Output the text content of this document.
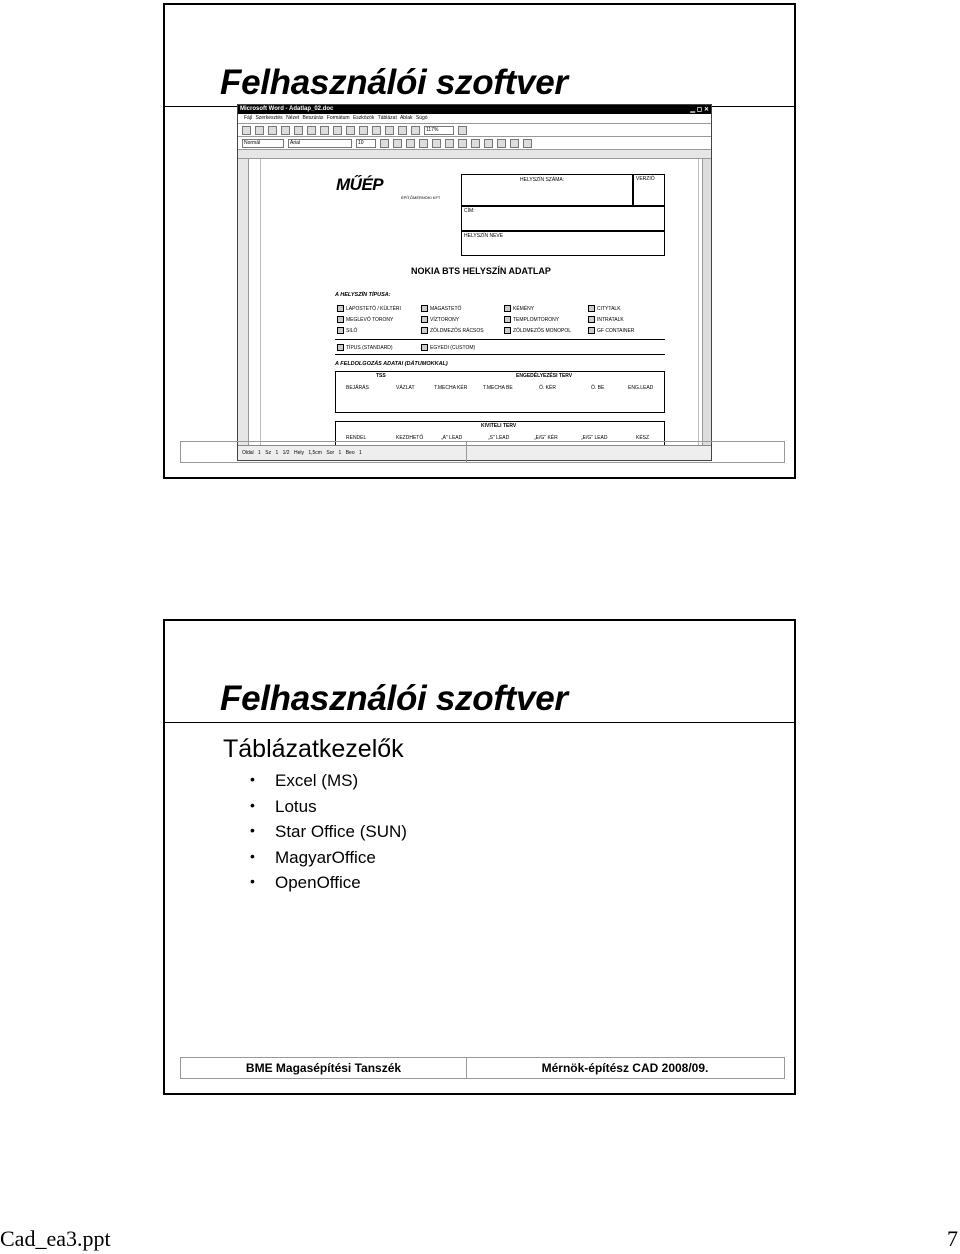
Felhasználói szoftver
Microsoft Word - Adatlap_02.doc	▁ ▢ ✕
Fájl Szerkesztés Nézet Beszúrás Formátum Eszközök Táblázat Ablak Súgó
117%
Normál	Arial	10
MŰÉP
ÉPÍTŐMÉRNÖKI KFT
HELYSZÍN SZÁMA:	VERZIÓ
CÍM:
HELYSZÍN NEVE
NOKIA BTS HELYSZÍN ADATLAP
A HELYSZÍN TÍPUSA:
LAPOSTETŐ / KÜLTÉRI	MAGASTETŐ	KÉMÉNY	CITYTALK
MEGLÉVŐ TORONY	VÍZTORONY	TEMPLOMTORONY	INTRATALK
SILÓ	ZÖLDMEZŐS RÁCSOS	ZÖLDMEZŐS MONOPOL	GF CONTAINER
TÍPUS (STANDARD)	EGYEDI (CUSTOM)
A FELDOLGOZÁS ADATAI (DÁTUMOKKAL)
TSS	ENGEDÉLYEZÉSI TERV
BEJÁRÁS	VÁZLAT	T.MECHA KÉR	T.MECHA BE	Ö. KÉR	Ö. BE	ENG.LEAD
KIVITELI TERV
RENDEL	KEZDHETŐ	„A" LEAD	„S" LEAD	„E/G" KÉR	„E/G" LEAD	KÉSZ
Oldal 1 Sz 1 1/2 Hely 1,5cm Sor 1 Beo 1
Felhasználói szoftver
Táblázatkezelők
• Excel (MS)
• Lotus
• Star Office (SUN)
• MagyarOffice
• OpenOffice
BME Magasépítési Tanszék	Mérnök-építész CAD 2008/09.
Cad_ea3.ppt	7
